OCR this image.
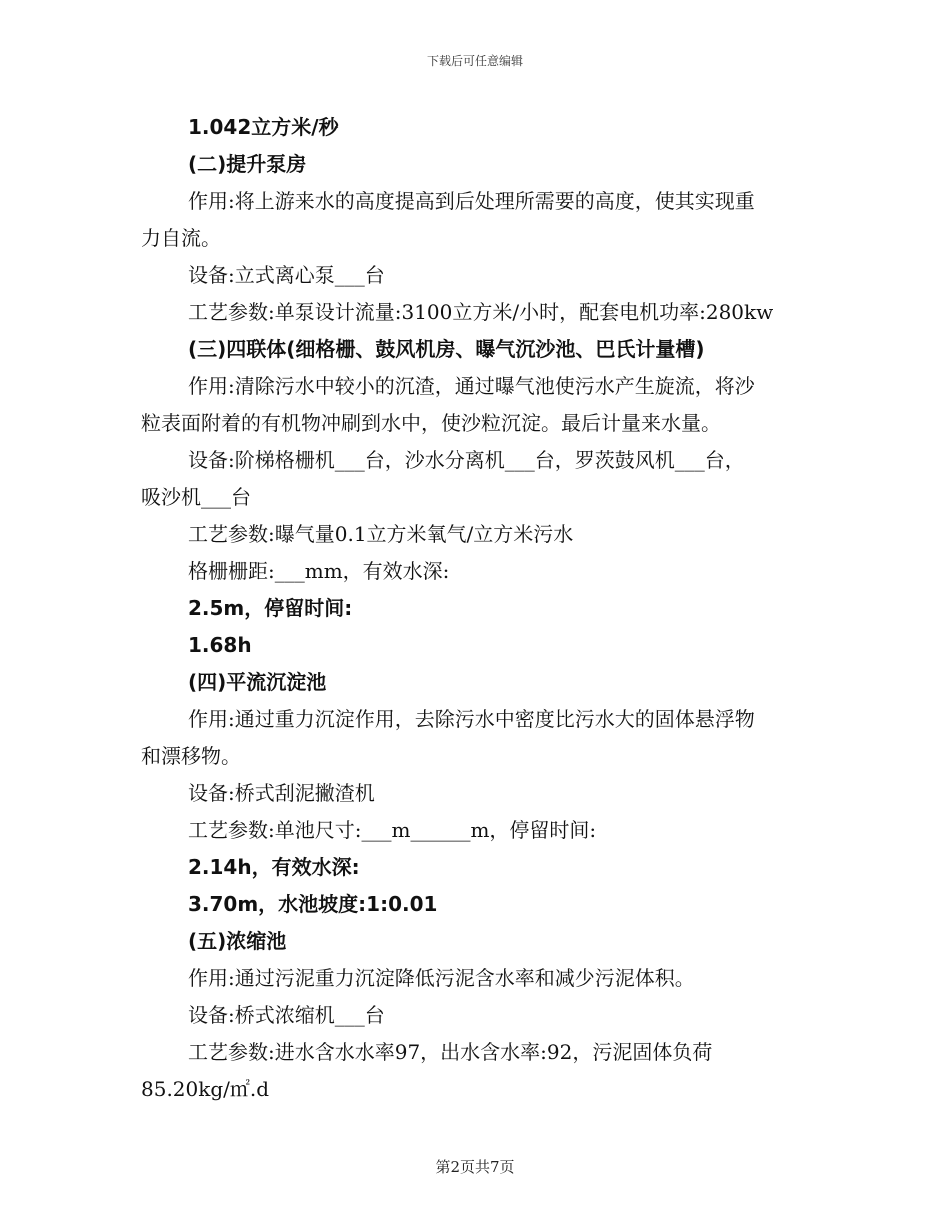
下载后可任意编辑
1.042立方米/秒
(二)提升泵房
作用:将上游来水的高度提高到后处理所需要的高度，使其实现重
力自流。
设备:立式离心泵___台
工艺参数:单泵设计流量:3100立方米/小时，配套电机功率:280kw
(三)四联体(细格栅、鼓风机房、曝气沉沙池、巴氏计量槽)
作用:清除污水中较小的沉渣，通过曝气池使污水产生旋流，将沙
粒表面附着的有机物冲刷到水中，使沙粒沉淀。最后计量来水量。
设备:阶梯格栅机___台，沙水分离机___台，罗茨鼓风机___台，
吸沙机___台
工艺参数:曝气量0.1立方米氧气/立方米污水
格栅栅距:___mm，有效水深:
2.5m，停留时间:
1.68h
(四)平流沉淀池
作用:通过重力沉淀作用，去除污水中密度比污水大的固体悬浮物
和漂移物。
设备:桥式刮泥撇渣机
工艺参数:单池尺寸:___m______m，停留时间:
2.14h，有效水深:
3.70m，水池坡度:1:0.01
(五)浓缩池
作用:通过污泥重力沉淀降低污泥含水率和减少污泥体积。
设备:桥式浓缩机___台
工艺参数:进水含水水率97，出水含水率:92，污泥固体负荷
85.20kg/㎡.d
第2页共7页
